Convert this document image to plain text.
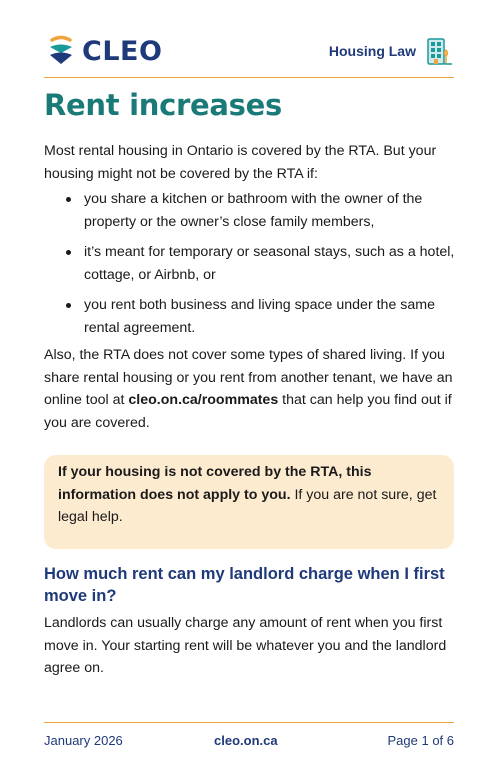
CLEO	Housing Law
Rent increases

Most rental housing in Ontario is covered by the RTA. But your housing might not be covered by the RTA if:

you share a kitchen or bathroom with the owner of the property or the owner’s close family members,
it’s meant for temporary or seasonal stays, such as a hotel, cottage, or Airbnb, or
you rent both business and living space under the same rental agreement.

Also, the RTA does not cover some types of shared living. If you share rental housing or you rent from another tenant, we have an online tool at cleo.on.ca/roommates that can help you find out if you are covered.

If your housing is not covered by the RTA, this information does not apply to you. If you are not sure, get legal help.

How much rent can my landlord charge when I first move in?

Landlords can usually charge any amount of rent when you first move in. Your starting rent will be whatever you and the landlord agree on.

January 2026	cleo.on.ca	Page 1 of 6
